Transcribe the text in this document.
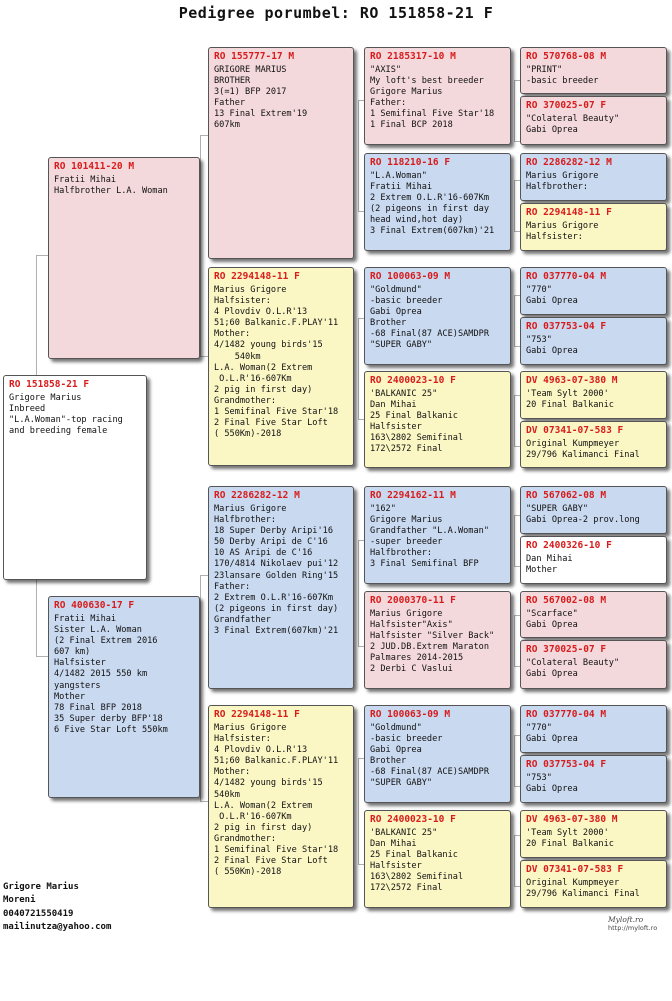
Pedigree porumbel: RO 151858-21 F
RO 151858-21 F
Grigore Marius
Inbreed
"L.A.Woman"-top racing
and breeding female
RO 101411-20 M
Fratii Mihai
Halfbrother L.A. Woman
RO 400630-17 F
Fratii Mihai
Sister L.A. Woman
(2 Final Extrem 2016
607 km)
Halfsister
4/1482 2015 550 km
yangsters
Mother
78 Final BFP 2018
35 Super derby BFP'18
6 Five Star Loft 550km
RO 155777-17 M
GRIGORE MARIUS
BROTHER
3(=1) BFP 2017
Father
13 Final Extrem'19
607km
RO 2294148-11 F
Marius Grigore
Halfsister:
4 Plovdiv O.L.R'13
51;60 Balkanic.F.PLAY'11
Mother:
4/1482 young birds'15
540km
L.A. Woman(2 Extrem
O.L.R'16-607Km
2 pig in first day)
Grandmother:
1 Semifinal Five Star'18
2 Final Five Star Loft
( 550Km)-2018
RO 2286282-12 M
Marius Grigore
Halfbrother:
18 Super Derby Aripi'16
50 Derby Aripi de C'16
10 AS Aripi de C'16
170/4814 Nikolaev pui'12
23lansare Golden Ring'15
Father:
2 Extrem O.L.R'16-607Km
(2 pigeons in first day)
Grandfather
3 Final Extrem(607km)'21
RO 2294148-11 F
Marius Grigore
Halfsister:
4 Plovdiv O.L.R'13
51;60 Balkanic.F.PLAY'11
Mother:
4/1482 young birds'15
540km
L.A. Woman(2 Extrem
O.L.R'16-607Km
2 pig in first day)
Grandmother:
1 Semifinal Five Star'18
2 Final Five Star Loft
( 550Km)-2018
RO 2185317-10 M
"AXIS"
My loft's best breeder
Grigore Marius
Father:
1 Semifinal Five Star'18
1 Final BCP 2018
RO 118210-16 F
"L.A.Woman"
Fratii Mihai
2 Extrem O.L.R'16-607Km
(2 pigeons in first day
head wind,hot day)
3 Final Extrem(607km)'21
RO 100063-09 M
"Goldmund"
-basic breeder
Gabi Oprea
Brother
-68 Final(87 ACE)SAMDPR
"SUPER GABY"
RO 2400023-10 F
'BALKANIC 25"
Dan Mihai
25 Final Balkanic
Halfsister
163\2802 Semifinal
172\2572 Final
RO 2294162-11 M
"162"
Grigore Marius
Grandfather "L.A.Woman"
-super breeder
Halfbrother:
3 Final Semifinal BFP
RO 2000370-11 F
Marius Grigore
Halfsister"Axis"
Halfsister "Silver Back"
2 JUD.DB.Extrem Maraton
Palmares 2014-2015
2 Derbi C Vaslui
RO 100063-09 M
"Goldmund"
-basic breeder
Gabi Oprea
Brother
-68 Final(87 ACE)SAMDPR
"SUPER GABY"
RO 2400023-10 F
'BALKANIC 25"
Dan Mihai
25 Final Balkanic
Halfsister
163\2802 Semifinal
172\2572 Final
RO 570768-08 M
"PRINT"
-basic breeder
RO 370025-07 F
"Colateral Beauty"
Gabi Oprea
RO 2286282-12 M
Marius Grigore
Halfbrother:
RO 2294148-11 F
Marius Grigore
Halfsister:
RO 037770-04 M
"770"
Gabi Oprea
RO 037753-04 F
"753"
Gabi Oprea
DV 4963-07-380 M
'Team Sylt 2000'
20 Final Balkanic
DV 07341-07-583 F
Original Kumpmeyer
29/796 Kalimanci Final
RO 567062-08 M
"SUPER GABY"
Gabi Oprea-2 prov.long
RO 2400326-10 F
Dan Mihai
Mother
RO 567002-08 M
"Scarface"
Gabi Oprea
RO 370025-07 F
"Colateral Beauty"
Gabi Oprea
RO 037770-04 M
"770"
Gabi Oprea
RO 037753-04 F
"753"
Gabi Oprea
DV 4963-07-380 M
'Team Sylt 2000'
20 Final Balkanic
DV 07341-07-583 F
Original Kumpmeyer
29/796 Kalimanci Final
Grigore Marius
Moreni
0040721550419
mailinutza@yahoo.com
Myloft.ro
http://myloft.ro
